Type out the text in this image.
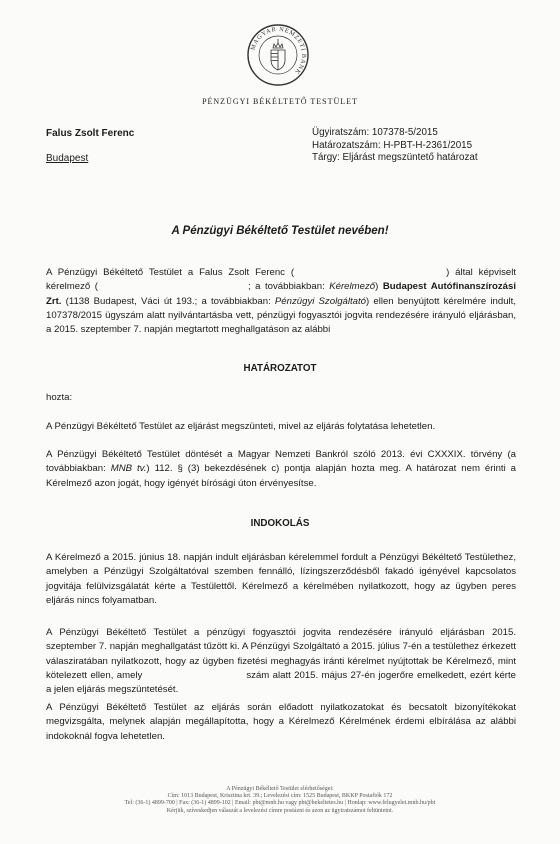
MAGYAR NEMZETI BANK
PÉNZÜGYI BÉKÉLTETŐ TESTÜLET
Falus Zsolt Ferenc
Budapest
Ügyiratszám: 107378-5/2015
Határozatszám: H-PBT-H-2361/2015
Tárgy: Eljárást megszüntető határozat
A Pénzügyi Békéltető Testület nevében!
A Pénzügyi Békéltető Testület a Falus Zsolt Ferenc (	) által képviselt kérelmező (	; a továbbiakban: Kérelmező) Budapest Autófinanszírozási Zrt. (1138 Budapest, Váci út 193.; a továbbiakban: Pénzügyi Szolgáltató) ellen benyújtott kérelmére indult, 107378/2015 ügyszám alatt nyilvántartásba vett, pénzügyi fogyasztói jogvita rendezésére irányuló eljárásban, a 2015. szeptember 7. napján megtartott meghallgatáson az alábbi
HATÁROZATOT
hozta:
A Pénzügyi Békéltető Testület az eljárást megszünteti, mivel az eljárás folytatása lehetetlen.
A Pénzügyi Békéltető Testület döntését a Magyar Nemzeti Bankról szóló 2013. évi CXXXIX. törvény (a továbbiakban: MNB tv.) 112. § (3) bekezdésének c) pontja alapján hozta meg. A határozat nem érinti a Kérelmező azon jogát, hogy igényét bírósági úton érvényesítse.
INDOKOLÁS
A Kérelmező a 2015. június 18. napján indult eljárásban kérelemmel fordult a Pénzügyi Békéltető Testülethez, amelyben a Pénzügyi Szolgáltatóval szemben fennálló, lízingszerződésből fakadó igényével kapcsolatos jogvitája felülvizsgálatát kérte a Testülettől. Kérelmező a kérelmében nyilatkozott, hogy az ügyben peres eljárás nincs folyamatban.
A Pénzügyi Békéltető Testület a pénzügyi fogyasztói jogvita rendezésére irányuló eljárásban 2015. szeptember 7. napján meghallgatást tűzött ki. A Pénzügyi Szolgáltató a 2015. július 7-én a testülethez érkezett válasziratában nyilatkozott, hogy az ügyben fizetési meghagyás iránti kérelmet nyújtottak be Kérelmező, mint kötelezett ellen, amely	szám alatt 2015. május 27-én jogerőre emelkedett, ezért kérte a jelen eljárás megszüntetését.
A Pénzügyi Békéltető Testület az eljárás során előadott nyilatkozatokat és becsatolt bizonyítékokat megvizsgálta, melynek alapján megállapította, hogy a Kérelmező Kérelmének érdemi elbírálása az alábbi indokoknál fogva lehetetlen.
A Pénzügyi Békéltető Testület elérhetőségei:
Cím: 1013 Budapest, Krisztina krt. 39.; Levelezési cím: 1525 Budapest, BKKP Postafiók 172
Tel: (36-1) 4899-700 | Fax: (36-1) 4899-102 | Email: pbt@mnb.hu vagy pbt@bekeltetes.hu | Honlap: www.felugyelet.mnb.hu/pbt
Kérjük, szíveskedjen válaszát a levelezési címre postázni és azon az ügyiratszámot feltüntetni.
